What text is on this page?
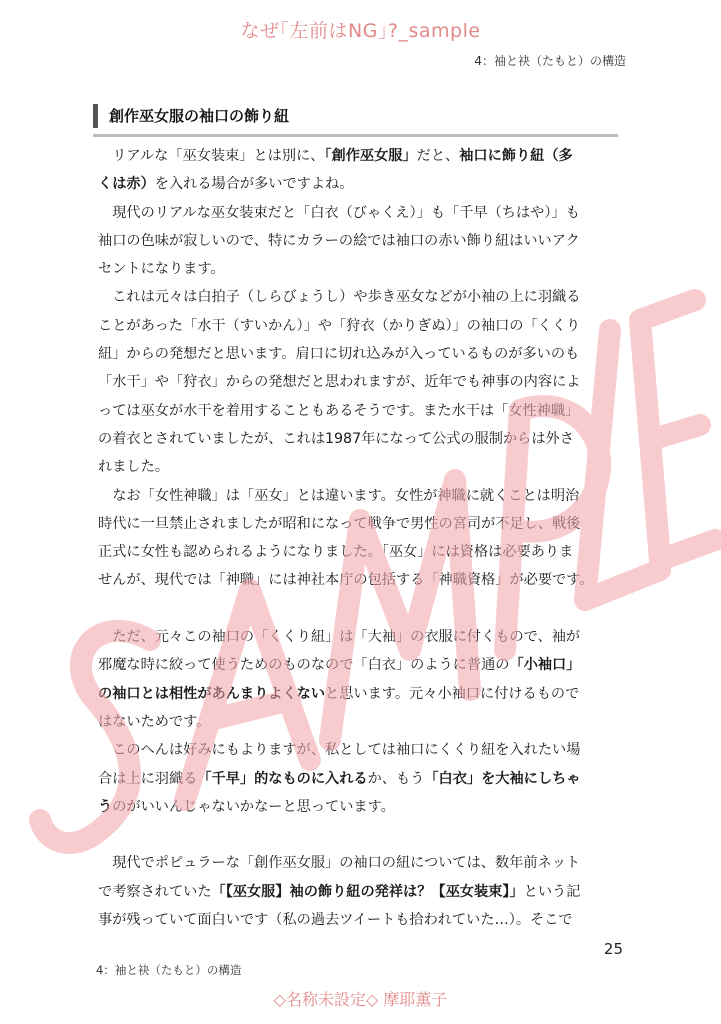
なぜ｢左前はNG｣?_sample
4：袖と袂（たもと）の構造
創作巫女服の袖口の飾り紐
　リアルな「巫女装束」とは別に、「創作巫女服」だと、袖口に飾り紐（多
くは赤）を入れる場合が多いですよね。
　現代のリアルな巫女装束だと「白衣（びゃくえ）」も「千早（ちはや）」も
袖口の色味が寂しいので、特にカラーの絵では袖口の赤い飾り紐はいいアク
セントになります。
　これは元々は白拍子（しらびょうし）や歩き巫女などが小袖の上に羽織る
ことがあった「水干（すいかん）」や「狩衣（かりぎぬ）」の袖口の「くくり
紐」からの発想だと思います。肩口に切れ込みが入っているものが多いのも
「水干」や「狩衣」からの発想だと思われますが、近年でも神事の内容によ
っては巫女が水干を着用することもあるそうです。また水干は「女性神職」
の着衣とされていましたが、これは1987年になって公式の服制からは外さ
れました。
　なお「女性神職」は「巫女」とは違います。女性が神職に就くことは明治
時代に一旦禁止されましたが昭和になって戦争で男性の宮司が不足し、戦後
正式に女性も認められるようになりました。「巫女」には資格は必要ありま
せんが、現代では「神職」には神社本庁の包括する「神職資格」が必要です。
　ただ、元々この袖口の「くくり紐」は「大袖」の衣服に付くもので、袖が
邪魔な時に絞って使うためのものなので「白衣」のように普通の「小袖口」
の袖口とは相性があんまりよくないと思います。元々小袖口に付けるもので
はないためです。
　このへんは好みにもよりますが、私としては袖口にくくり紐を入れたい場
合は上に羽織る「千早」的なものに入れるか、もう「白衣」を大袖にしちゃ
うのがいいんじゃないかなーと思っています。
　現代でポピュラーな「創作巫女服」の袖口の紐については、数年前ネット
で考察されていた「【巫女服】袖の飾り紐の発祥は？【巫女装束】」という記
事が残っていて面白いです（私の過去ツイートも拾われていた…）。そこで
25
4：袖と袂（たもと）の構造
◇名称未設定◇ 摩耶薫子
